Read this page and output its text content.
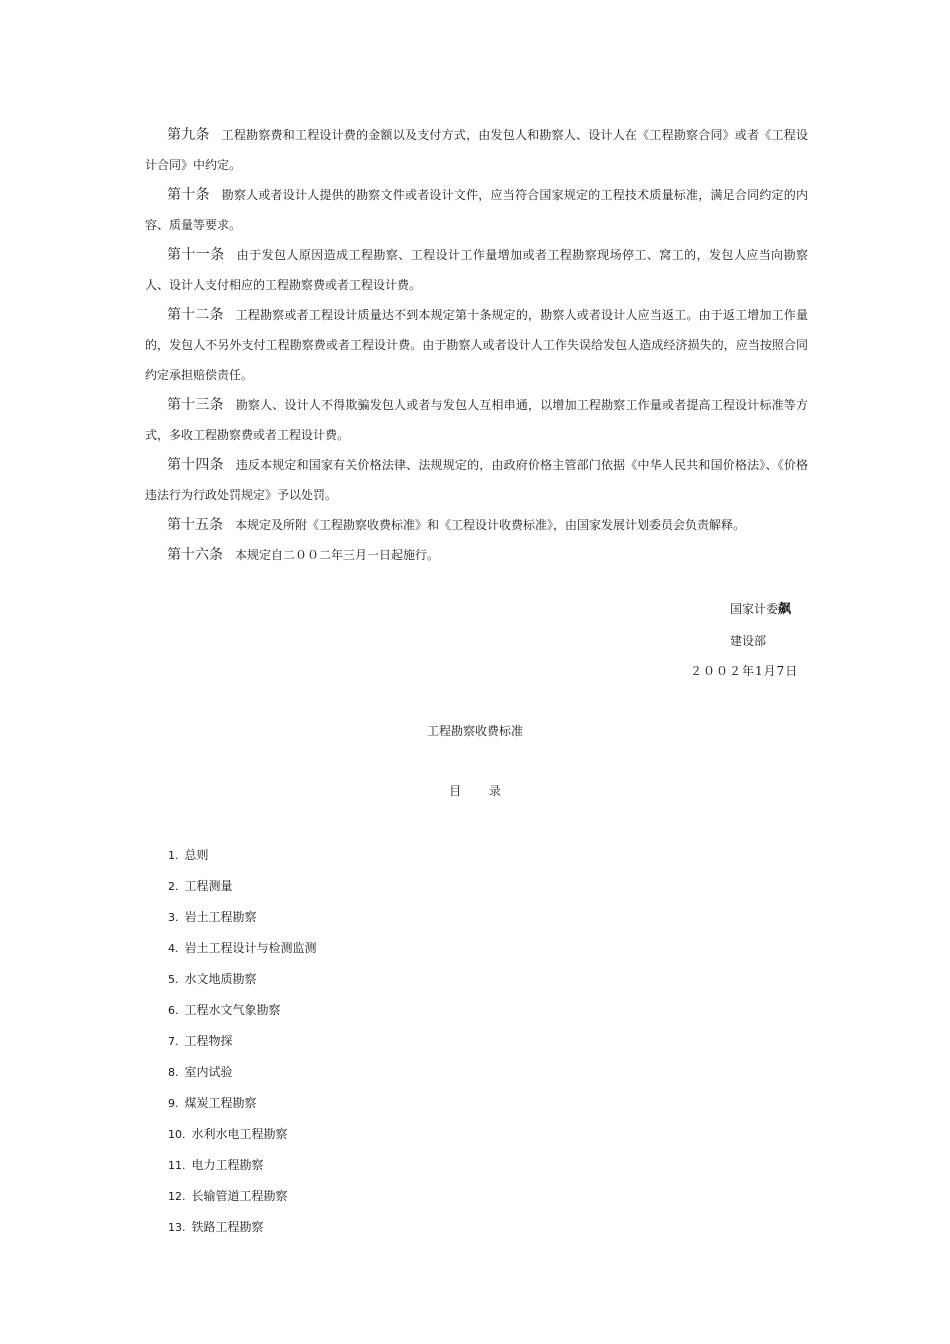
第九条 工程勘察费和工程设计费的金额以及支付方式，由发包人和勘察人、设计人在《工程勘察合同》或者《工程设计合同》中约定。

第十条 勘察人或者设计人提供的勘察文件或者设计文件，应当符合国家规定的工程技术质量标准，满足合同约定的内容、质量等要求。

第十一条 由于发包人原因造成工程勘察、工程设计工作量增加或者工程勘察现场停工、窝工的，发包人应当向勘察人、设计人支付相应的工程勘察费或者工程设计费。

第十二条 工程勘察或者工程设计质量达不到本规定第十条规定的，勘察人或者设计人应当返工。由于返工增加工作量的，发包人不另外支付工程勘察费或者工程设计费。由于勘察人或者设计人工作失误给发包人造成经济损失的，应当按照合同约定承担赔偿责任。

第十三条 勘察人、设计人不得欺骗发包人或者与发包人互相串通，以增加工程勘察工作量或者提高工程设计标准等方式，多收工程勘察费或者工程设计费。

第十四条 违反本规定和国家有关价格法律、法规规定的，由政府价格主管部门依据《中华人民共和国价格法》、《价格违法行为行政处罚规定》予以处罚。

第十五条 本规定及所附《工程勘察收费标准》和《工程设计收费标准》，由国家发展计划委员会负责解释。

第十六条 本规定自二００二年三月一日起施行。

国家计委飙
建设部
２００２年1月7日
工程勘察收费标准
目 录
1. 总则
2. 工程测量
3. 岩土工程勘察
4. 岩土工程设计与检测监测
5. 水文地质勘察
6. 工程水文气象勘察
7. 工程物探
8. 室内试验
9. 煤炭工程勘察
10. 水利水电工程勘察
11. 电力工程勘察
12. 长输管道工程勘察
13. 铁路工程勘察
